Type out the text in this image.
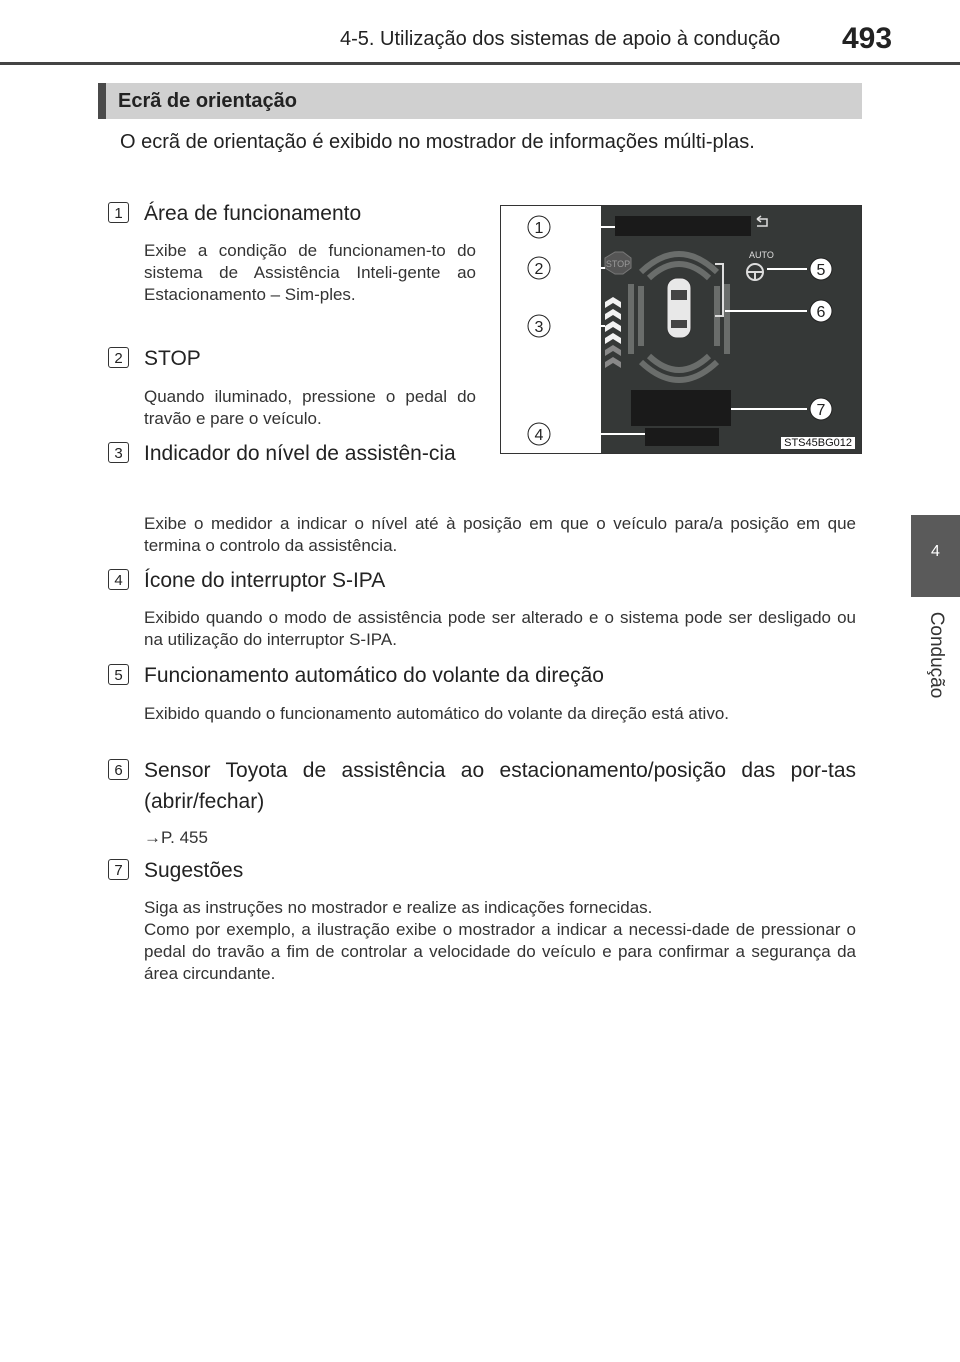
4-5. Utilização dos sistemas de apoio à condução 493
4
Condução
Ecrã de orientação

O ecrã de orientação é exibido no mostrador de informações múlti-plas.

1	Área de funcionamento

Exibe a condição de funcionamen-to do sistema de Assistência Inteli-gente ao Estacionamento – Sim-ples.

2	STOP

Quando iluminado, pressione o pedal do travão e pare o veículo.

3	Indicador do nível de assistên-cia

Exibe o medidor a indicar o nível até à posição em que o veículo para/a posição em que termina o controlo da assistência.

4	Ícone do interruptor S-IPA

Exibido quando o modo de assistência pode ser alterado e o sistema pode ser desligado ou na utilização do interruptor S-IPA.

5	Funcionamento automático do volante da direção

Exibido quando o funcionamento automático do volante da direção está ativo.

6	Sensor Toyota de assistência ao estacionamento/posição das por-tas (abrir/fechar)

→P. 455

7	Sugestões

Siga as instruções no mostrador e realize as indicações fornecidas.
Como por exemplo, a ilustração exibe o mostrador a indicar a necessi-dade de pressionar o pedal do travão a fim de controlar a velocidade do veículo e para confirmar a segurança da área circundante.

STOP
AUTO
1
2
3
4
5
6
7
STS45BG012
